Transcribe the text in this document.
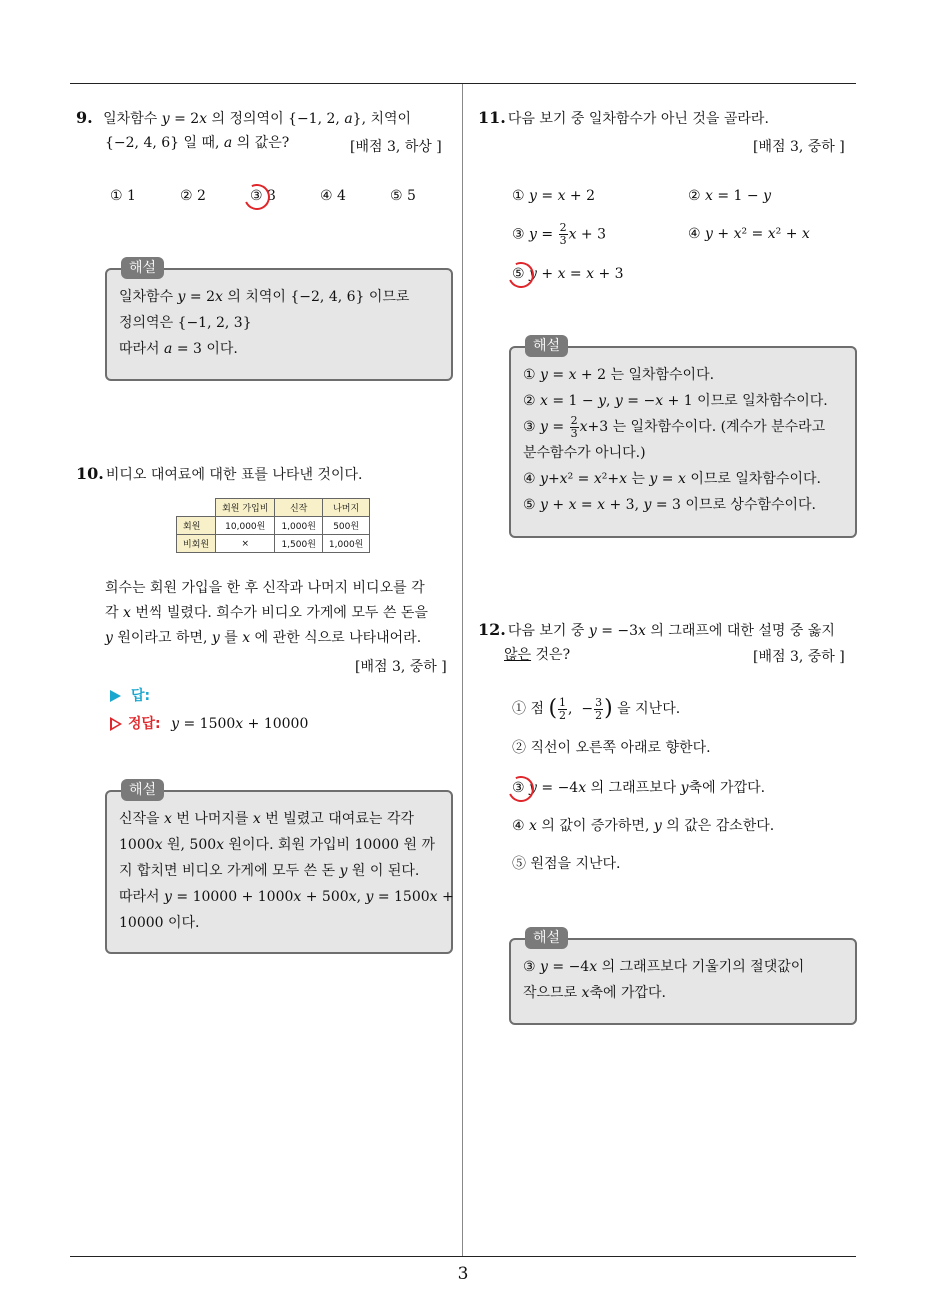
3
9. 일차함수 y = 2x 의 정의역이 {−1, 2, a}, 치역이
{−2, 4, 6} 일 때, a 의 값은?	[배점 3, 하상 ]
① 1	② 2	③ 3	④ 4	⑤ 5
해설
일차함수 y = 2x 의 치역이 {−2, 4, 6} 이므로
정의역은 {−1, 2, 3}
따라서 a = 3 이다.
10. 비디오 대여료에 대한 표를 나타낸 것이다.
	회원 가입비	신작	나머지
회원	10,000원	1,000원	500원
비회원	×	1,500원	1,000원
희수는 회원 가입을 한 후 신작과 나머지 비디오를 각
각 x 번씩 빌렸다. 희수가 비디오 가게에 모두 쓴 돈을
y 원이라고 하면, y 를 x 에 관한 식으로 나타내어라.
[배점 3, 중하 ]
답:
정답: y = 1500x + 10000
해설
신작을 x 번 나머지를 x 번 빌렸고 대여료는 각각
1000x 원, 500x 원이다. 회원 가입비 10000 원 까
지 합치면 비디오 가게에 모두 쓴 돈 y 원 이 된다.
따라서 y = 10000 + 1000x + 500x, y = 1500x +
10000 이다.
11. 다음 보기 중 일차함수가 아닌 것을 골라라.
[배점 3, 중하 ]
① y = x + 2	② x = 1 − y
③ $y = \frac{2}{3}$ x + 3	④ y + x² = x² + x
⑤ y + x = x + 3
해설
① y = x + 2 는 일차함수이다.
② x = 1 − y, y = −x + 1 이므로 일차함수이다.
③ $y = \frac{2}{3} x+3$ 는 일차함수이다. (계수가 분수라고
분수함수가 아니다.)
④ y+x² = x²+x 는 y = x 이므로 일차함수이다.
⑤ y + x = x + 3, y = 3 이므로 상수함수이다.
12. 다음 보기 중 y = −3x 의 그래프에 대한 설명 중 옳지
않은 것은?	[배점 3, 중하 ]
① 점 ( $\frac{1}{2}$ ,  − $\frac{3}{2}$ ) 을 지난다.
② 직선이 오른쪽 아래로 향한다.
③ y = −4x 의 그래프보다 y축에 가깝다.
④ x 의 값이 증가하면, y 의 값은 감소한다.
⑤ 원점을 지난다.
해설
③ y = −4x 의 그래프보다 기울기의 절댓값이
작으므로 x축에 가깝다.
